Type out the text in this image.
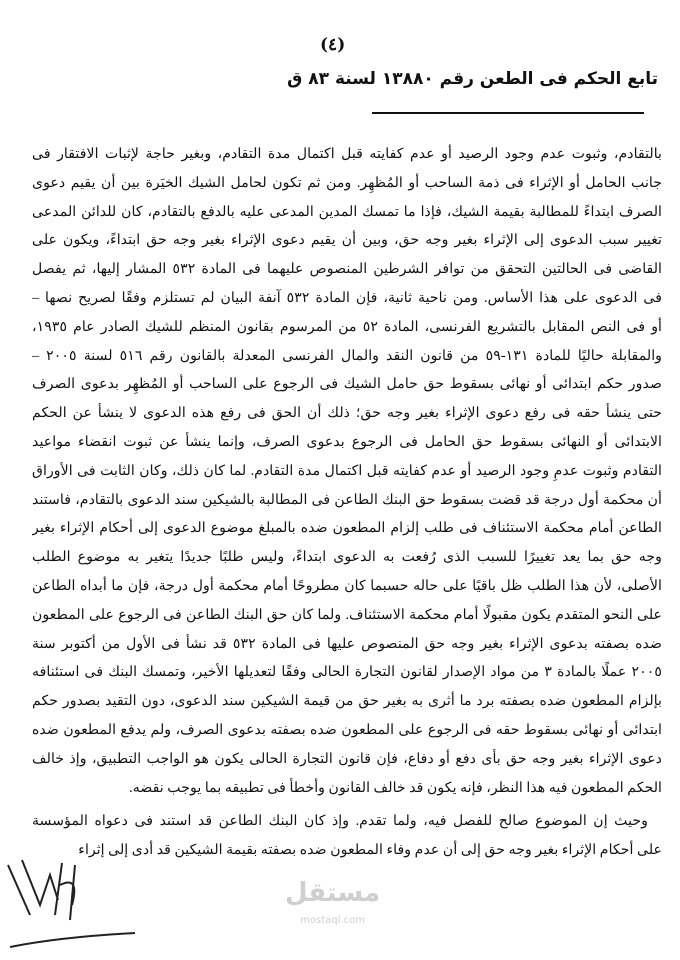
(٤)
تابع الحكم فى الطعن رقم ١٣٨٨٠ لسنة ٨٣ ق
بالتقادم، وثبوت عدم وجود الرصيد أو عدم كفايته قبل اكتمال مدة التقادم، وبغير حاجة لإثبات الافتقار فى
جانب الحامل أو الإثراء فى ذمة الساحب أو المُظهِر. ومن ثم تكون لحامل الشيك الخيَرة بين أن يقيم دعوى
الصرف ابتداءً للمطالبة بقيمة الشيك، فإذا ما تمسك المدين المدعى عليه بالدفع بالتقادم، كان للدائن المدعى
تغيير سبب الدعوى إلى الإثراء بغير وجه حق، وبين أن يقيم دعوى الإثراء بغير وجه حق ابتداءً، ويكون على
القاضى فى الحالتين التحقق من توافر الشرطين المنصوص عليهما فى المادة ٥٣٢ المشار إليها، ثم يفصل
فى الدعوى على هذا الأساس. ومن ناحية ثانية، فإن المادة ٥٣٢ آنفة البيان لم تستلزم وفقًا لصريح نصها –
أو فى النص المقابل بالتشريع الفرنسى، المادة ٥٢ من المرسوم بقانون المنظم للشيك الصادر عام ١٩٣٥،
والمقابلة حاليًا للمادة ١٣١-٥٩ من قانون النقد والمال الفرنسى المعدلة بالقانون رقم ٥١٦ لسنة ٢٠٠٥ –
صدور حكم ابتدائى أو نهائى بسقوط حق حامل الشيك فى الرجوع على الساحب أو المُظهِر بدعوى الصرف
حتى ينشأ حقه فى رفع دعوى الإثراء بغير وجه حق؛ ذلك أن الحق فى رفع هذه الدعوى لا ينشأ عن الحكم
الابتدائى أو النهائى بسقوط حق الحامل فى الرجوع بدعوى الصرف، وإنما ينشأ عن ثبوت انقضاء مواعيد
التقادم وثبوت عدمِ وجود الرصيد أو عدم كفايته قبل اكتمال مدة التقادم. لما كان ذلك، وكان الثابت فى الأوراق
أن محكمة أول درجة قد قضت بسقوط حق البنك الطاعن فى المطالبة بالشيكين سند الدعوى بالتقادم، فاستند
الطاعن أمام محكمة الاستئناف فى طلب إلزام المطعون ضده بالمبلغ موضوع الدعوى إلى أحكام الإثراء بغير
وجه حق بما يعد تغييرًا للسبب الذى رُفعت به الدعوى ابتداءً، وليس طلبًا جديدًا يتغير به موضوع الطلب
الأصلى، لأن هذا الطلب ظل باقيًا على حاله حسبما كان مطروحًا أمام محكمة أول درجة، فإن ما أبداه الطاعن
على النحو المتقدم يكون مقبولًا أمام محكمة الاستئناف. ولما كان حق البنك الطاعن فى الرجوع على المطعون
ضده بصفته بدعوى الإثراء بغير وجه حق المنصوص عليها فى المادة ٥٣٢ قد نشأ فى الأول من أكتوبر سنة
٢٠٠٥ عملًا بالمادة ٣ من مواد الإصدار لقانون التجارة الحالى وفقًا لتعديلها الأخير، وتمسك البنك فى استئنافه
بإلزام المطعون ضده بصفته برد ما أثرى به بغير حق من قيمة الشيكين سند الدعوى، دون التقيد بصدور حكم
ابتدائى أو نهائى بسقوط حقه فى الرجوع على المطعون ضده بصفته بدعوى الصرف، ولم يدفع المطعون ضده
دعوى الإثراء بغير وجه حق بأى دفع أو دفاع، فإن قانون التجارة الحالى يكون هو الواجب التطبيق، وإذ خالف
الحكم المطعون فيه هذا النظر، فإنه يكون قد خالف القانون وأخطأ فى تطبيقه بما يوجب نقضه.
وحيث إن الموضوع صالح للفصل فيه، ولما تقدم. وإذ كان البنك الطاعن قد استند فى دعواه المؤسسة
على أحكام الإثراء بغير وجه حق إلى أن عدم وفاء المطعون ضده بصفته بقيمة الشيكين قد أدى إلى إثراء
مستقل
mostaql.com
